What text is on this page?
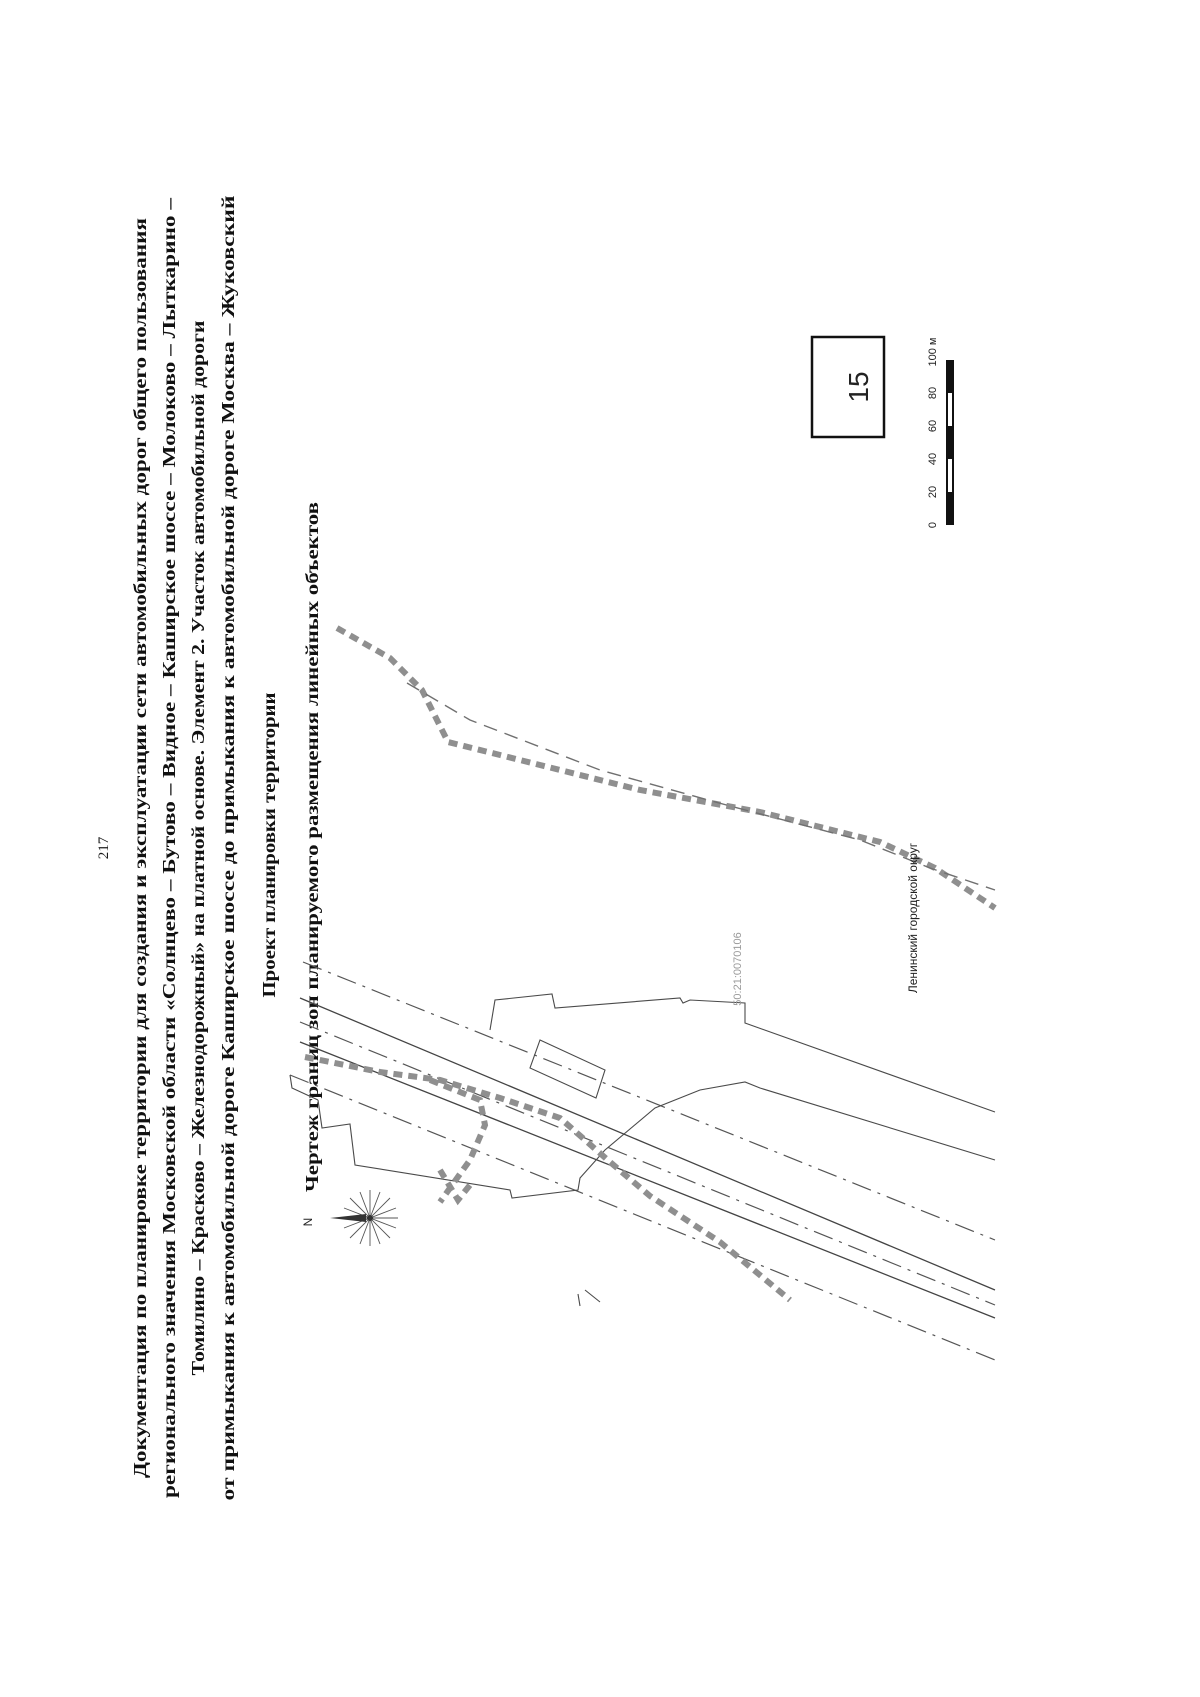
217 Документация по планировке территории для создания и эксплуатации сети автомобильных дорог общего пользования регионального значения Московской области «Солнцево – Бутово – Видное – Каширское шоссе – Молоково – Лыткарино – Томилино – Красково – Железнодорожный» на платной основе. Элемент 2. Участок автомобильной дороги от примыкания к автомобильной дороге Каширское шоссе до примыкания к автомобильной дороге Москва – Жуковский Проект планировки территории Чертеж границ зон планируемого размещения линейных объектов
15
0
20
40
60
80
100 м
50:21:0070106	Ленинский городской округ
N
